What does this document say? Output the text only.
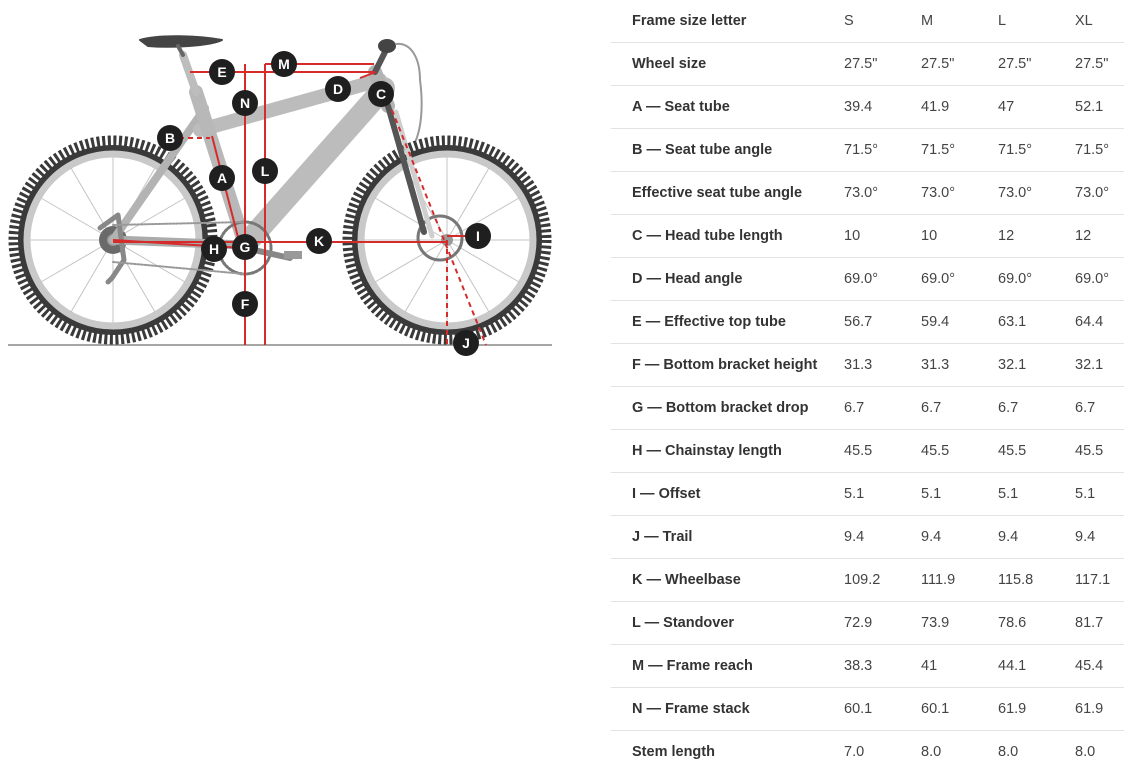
A
B
C
D
E
F
G
H
I
J
K
L
M
N
Frame size letter	S	M	L	XL
Wheel size	27.5"	27.5"	27.5"	27.5"
A — Seat tube	39.4	41.9	47	52.1
B — Seat tube angle	71.5°	71.5°	71.5°	71.5°
Effective seat tube angle	73.0°	73.0°	73.0°	73.0°
C — Head tube length	10	10	12	12
D — Head angle	69.0°	69.0°	69.0°	69.0°
E — Effective top tube	56.7	59.4	63.1	64.4
F — Bottom bracket height	31.3	31.3	32.1	32.1
G — Bottom bracket drop	6.7	6.7	6.7	6.7
H — Chainstay length	45.5	45.5	45.5	45.5
I — Offset	5.1	5.1	5.1	5.1
J — Trail	9.4	9.4	9.4	9.4
K — Wheelbase	109.2	111.9	115.8	117.1
L — Standover	72.9	73.9	78.6	81.7
M — Frame reach	38.3	41	44.1	45.4
N — Frame stack	60.1	60.1	61.9	61.9
Stem length	7.0	8.0	8.0	8.0
